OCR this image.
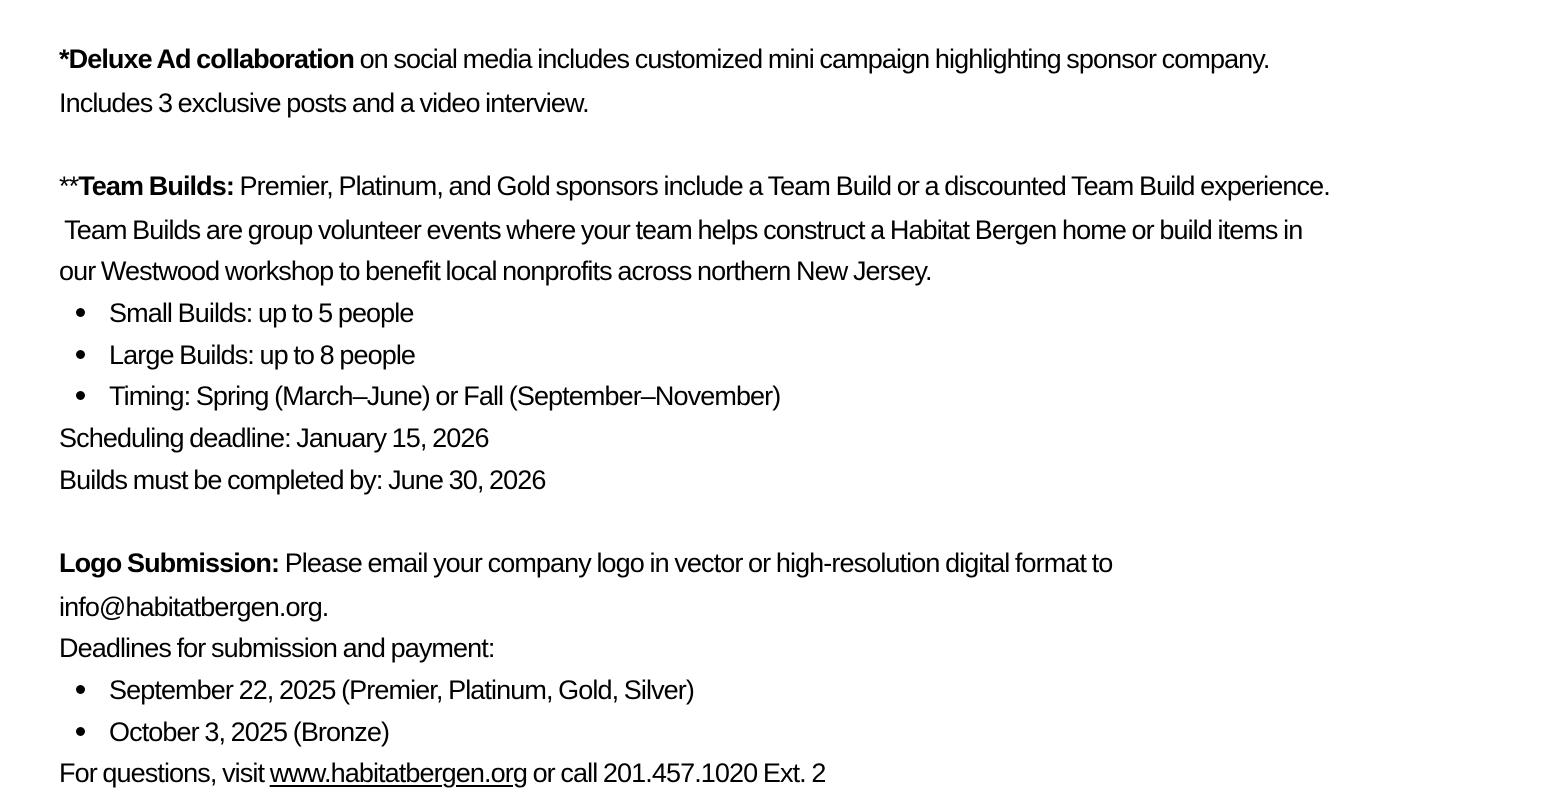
*Deluxe Ad collaboration on social media includes customized mini campaign highlighting sponsor company.
Includes 3 exclusive posts and a video interview.
**Team Builds: Premier, Platinum, and Gold sponsors include a Team Build or a discounted Team Build experience.
Team Builds are group volunteer events where your team helps construct a Habitat Bergen home or build items in
our Westwood workshop to benefit local nonprofits across northern New Jersey.
Small Builds: up to 5 people
Large Builds: up to 8 people
Timing: Spring (March–June) or Fall (September–November)
Scheduling deadline: January 15, 2026
Builds must be completed by: June 30, 2026
Logo Submission: Please email your company logo in vector or high-resolution digital format to
info@habitatbergen.org.
Deadlines for submission and payment:
September 22, 2025 (Premier, Platinum, Gold, Silver)
October 3, 2025 (Bronze)
For questions, visit www.habitatbergen.org or call 201.457.1020 Ext. 2
